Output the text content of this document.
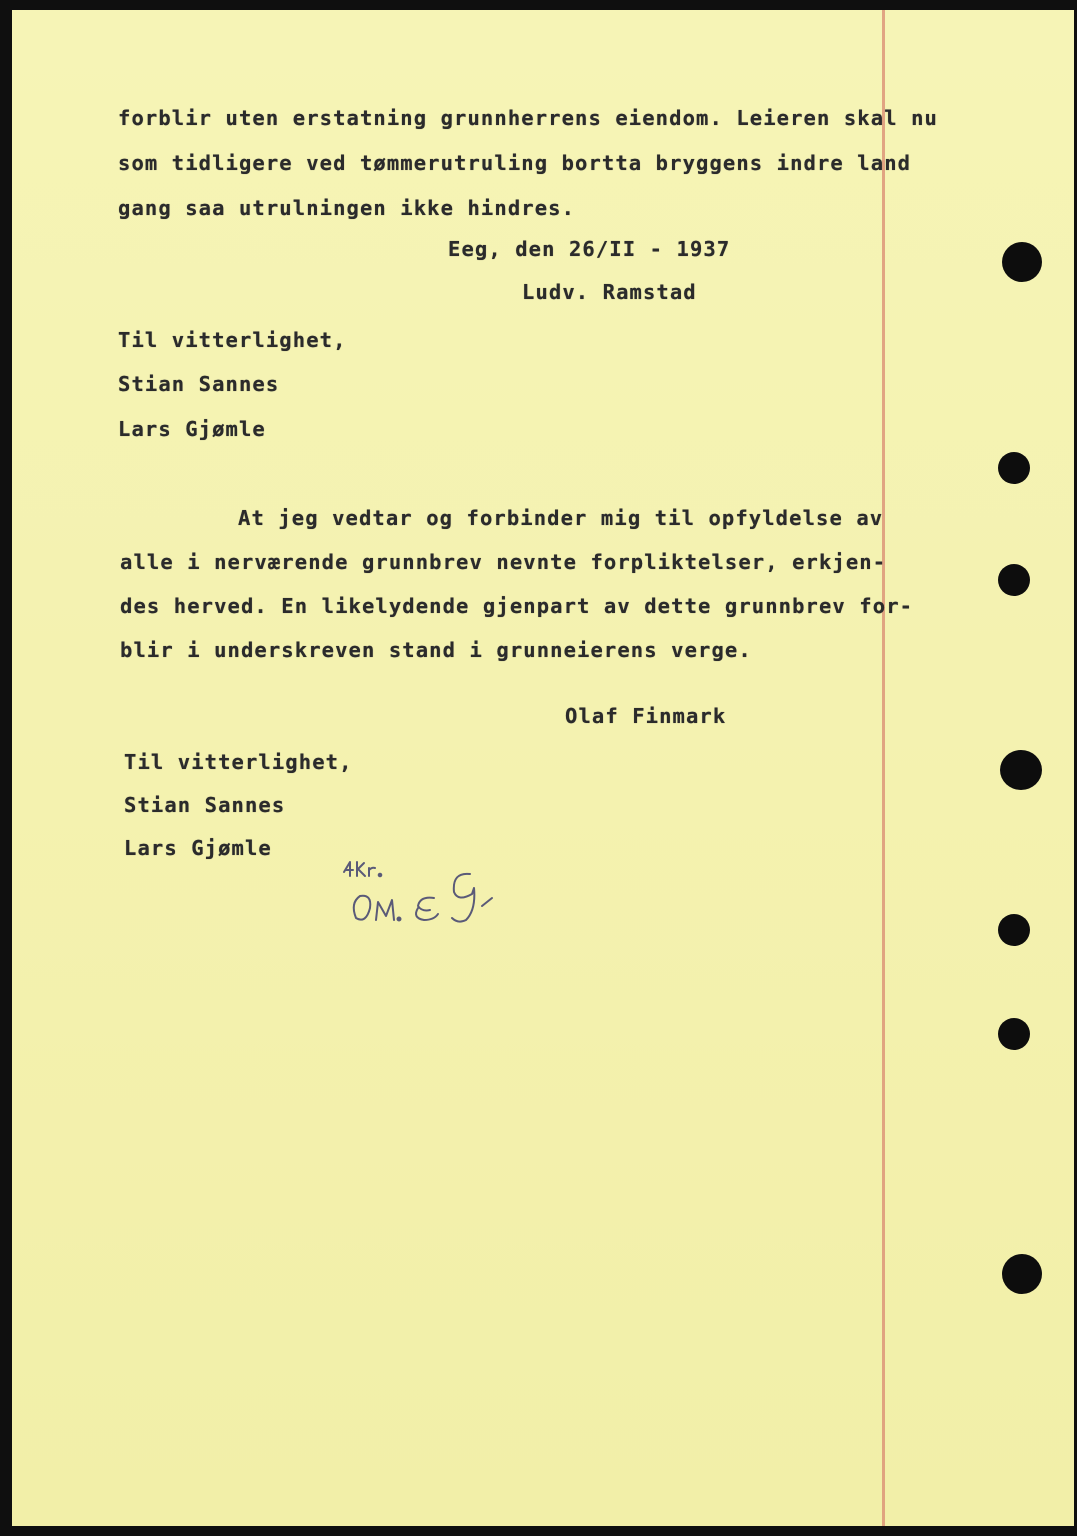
forblir uten erstatning grunnherrens eiendom. Leieren skal nu
som tidligere ved tømmerutruling bortta bryggens indre land
gang saa utrulningen ikke hindres.
Eeg, den 26/II - 1937
Ludv. Ramstad
Til vitterlighet,
Stian Sannes
Lars Gjømle
At jeg vedtar og forbinder mig til opfyldelse av
alle i nerværende grunnbrev nevnte forpliktelser, erkjen-
des herved. En likelydende gjenpart av dette grunnbrev for-
blir i underskreven stand i grunneierens verge.
Olaf Finmark
Til vitterlighet,
Stian Sannes
Lars Gjømle
